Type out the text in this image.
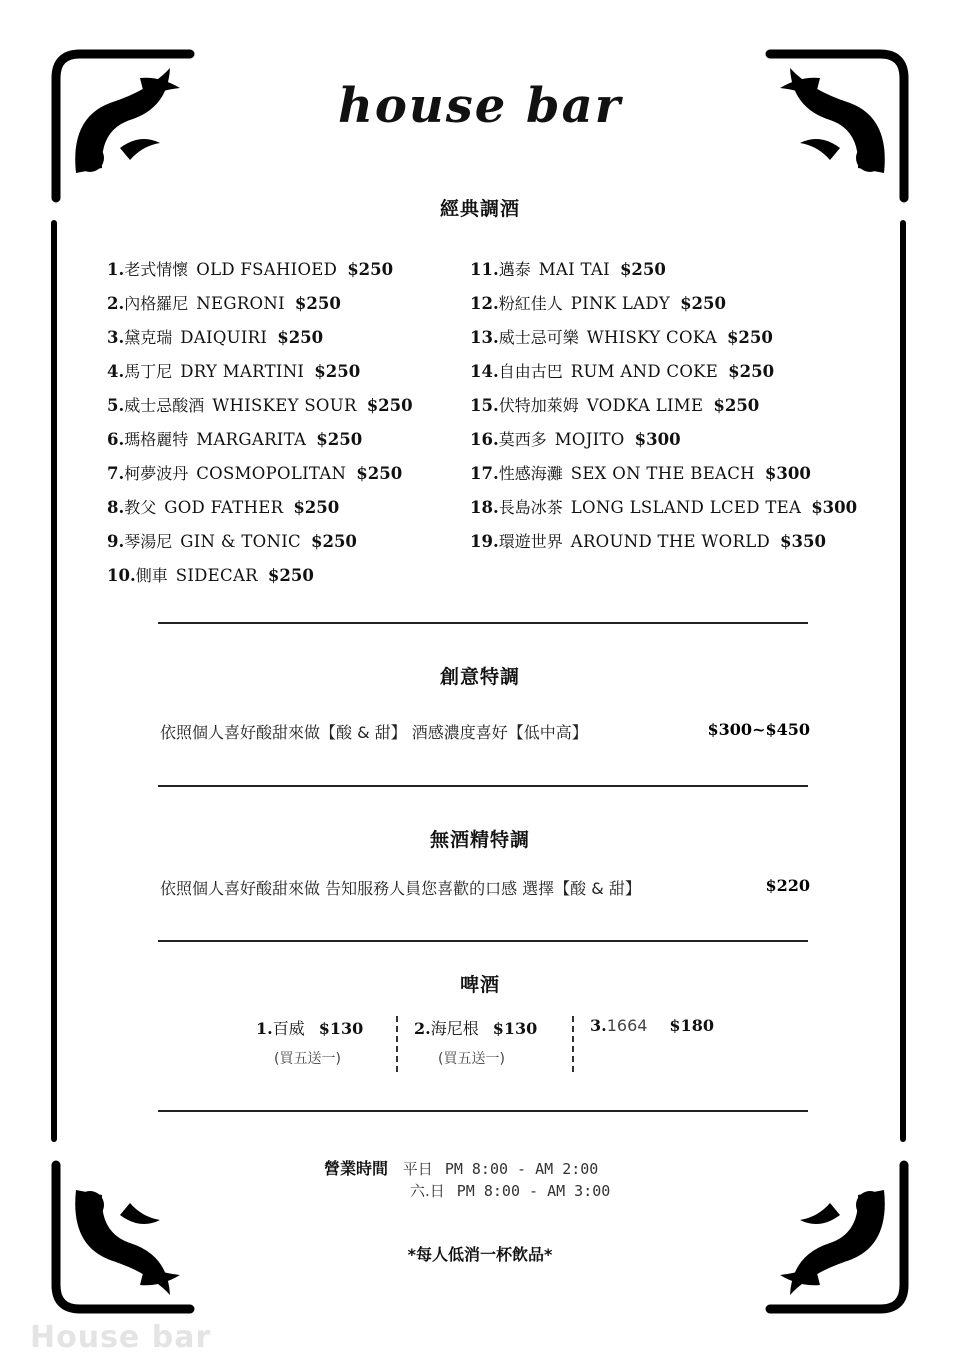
house bar
經典調酒
1.老式情懷 OLD FSAHIOED $250
2.內格羅尼 NEGRONI $250
3.黛克瑞 DAIQUIRI $250
4.馬丁尼 DRY MARTINI $250
5.威士忌酸酒 WHISKEY SOUR $250
6.瑪格麗特 MARGARITA $250
7.柯夢波丹 COSMOPOLITAN $250
8.教父 GOD FATHER $250
9.琴湯尼 GIN & TONIC $250
10.側車 SIDECAR $250
11.邁泰 MAI TAI $250
12.粉紅佳人 PINK LADY $250
13.威士忌可樂 WHISKY COKA $250
14.自由古巴 RUM AND COKE $250
15.伏特加萊姆 VODKA LIME $250
16.莫西多 MOJITO $300
17.性感海灘 SEX ON THE BEACH $300
18.長島冰茶 LONG LSLAND LCED TEA $300
19.環遊世界 AROUND THE WORLD $350
創意特調
依照個人喜好酸甜來做【酸 & 甜】 酒感濃度喜好【低中高】	$300~$450
無酒精特調
依照個人喜好酸甜來做 告知服務人員您喜歡的口感 選擇【酸 & 甜】	$220
啤酒
1.百威 $130
(買五送一)
2.海尼根 $130
(買五送一)
3.1664 $180
營業時間 平日 PM 8:00 - AM 2:00
六.日 PM 8:00 - AM 3:00
*每人低消一杯飲品*
House bar
